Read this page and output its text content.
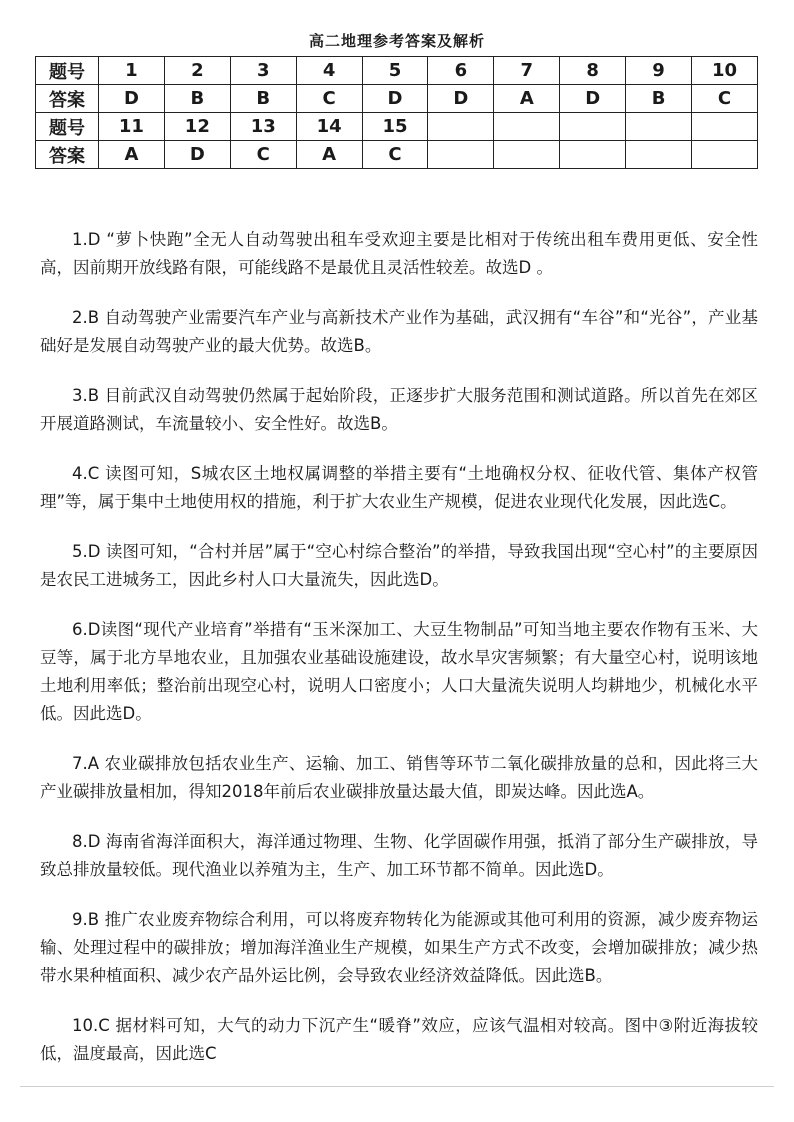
高二地理参考答案及解析
题号	1	2	3	4	5	6	7	8	9	10
答案	D	B	B	C	D	D	A	D	B	C
题号	11	12	13	14	15					
答案	A	D	C	A	C					

1.D “萝卜快跑”全无人自动驾驶出租车受欢迎主要是比相对于传统出租车费用更低、安全性高，因前期开放线路有限，可能线路不是最优且灵活性较差。故选D 。

2.B 自动驾驶产业需要汽车产业与高新技术产业作为基础，武汉拥有“车谷”和“光谷”，产业基础好是发展自动驾驶产业的最大优势。故选B。

3.B 目前武汉自动驾驶仍然属于起始阶段，正逐步扩大服务范围和测试道路。所以首先在郊区开展道路测试，车流量较小、安全性好。故选B。

4.C 读图可知，S城农区土地权属调整的举措主要有“土地确权分权、征收代管、集体产权管理”等，属于集中土地使用权的措施，利于扩大农业生产规模，促进农业现代化发展，因此选C。

5.D 读图可知，“合村并居”属于“空心村综合整治”的举措，导致我国出现“空心村”的主要原因是农民工进城务工，因此乡村人口大量流失，因此选D。

6.D读图“现代产业培育”举措有“玉米深加工、大豆生物制品”可知当地主要农作物有玉米、大豆等，属于北方旱地农业，且加强农业基础设施建设，故水旱灾害频繁；有大量空心村，说明该地土地利用率低；整治前出现空心村，说明人口密度小；人口大量流失说明人均耕地少，机械化水平低。因此选D。

7.A 农业碳排放包括农业生产、运输、加工、销售等环节二氧化碳排放量的总和，因此将三大产业碳排放量相加，得知2018年前后农业碳排放量达最大值，即炭达峰。因此选A。

8.D 海南省海洋面积大，海洋通过物理、生物、化学固碳作用强，抵消了部分生产碳排放，导致总排放量较低。现代渔业以养殖为主，生产、加工环节都不简单。因此选D。

9.B 推广农业废弃物综合利用，可以将废弃物转化为能源或其他可利用的资源，减少废弃物运输、处理过程中的碳排放；增加海洋渔业生产规模，如果生产方式不改变，会增加碳排放；减少热带水果种植面积、减少农产品外运比例，会导致农业经济效益降低。因此选B。

10.C 据材料可知，大气的动力下沉产生“暖脊”效应，应该气温相对较高。图中③附近海拔较低，温度最高，因此选C
